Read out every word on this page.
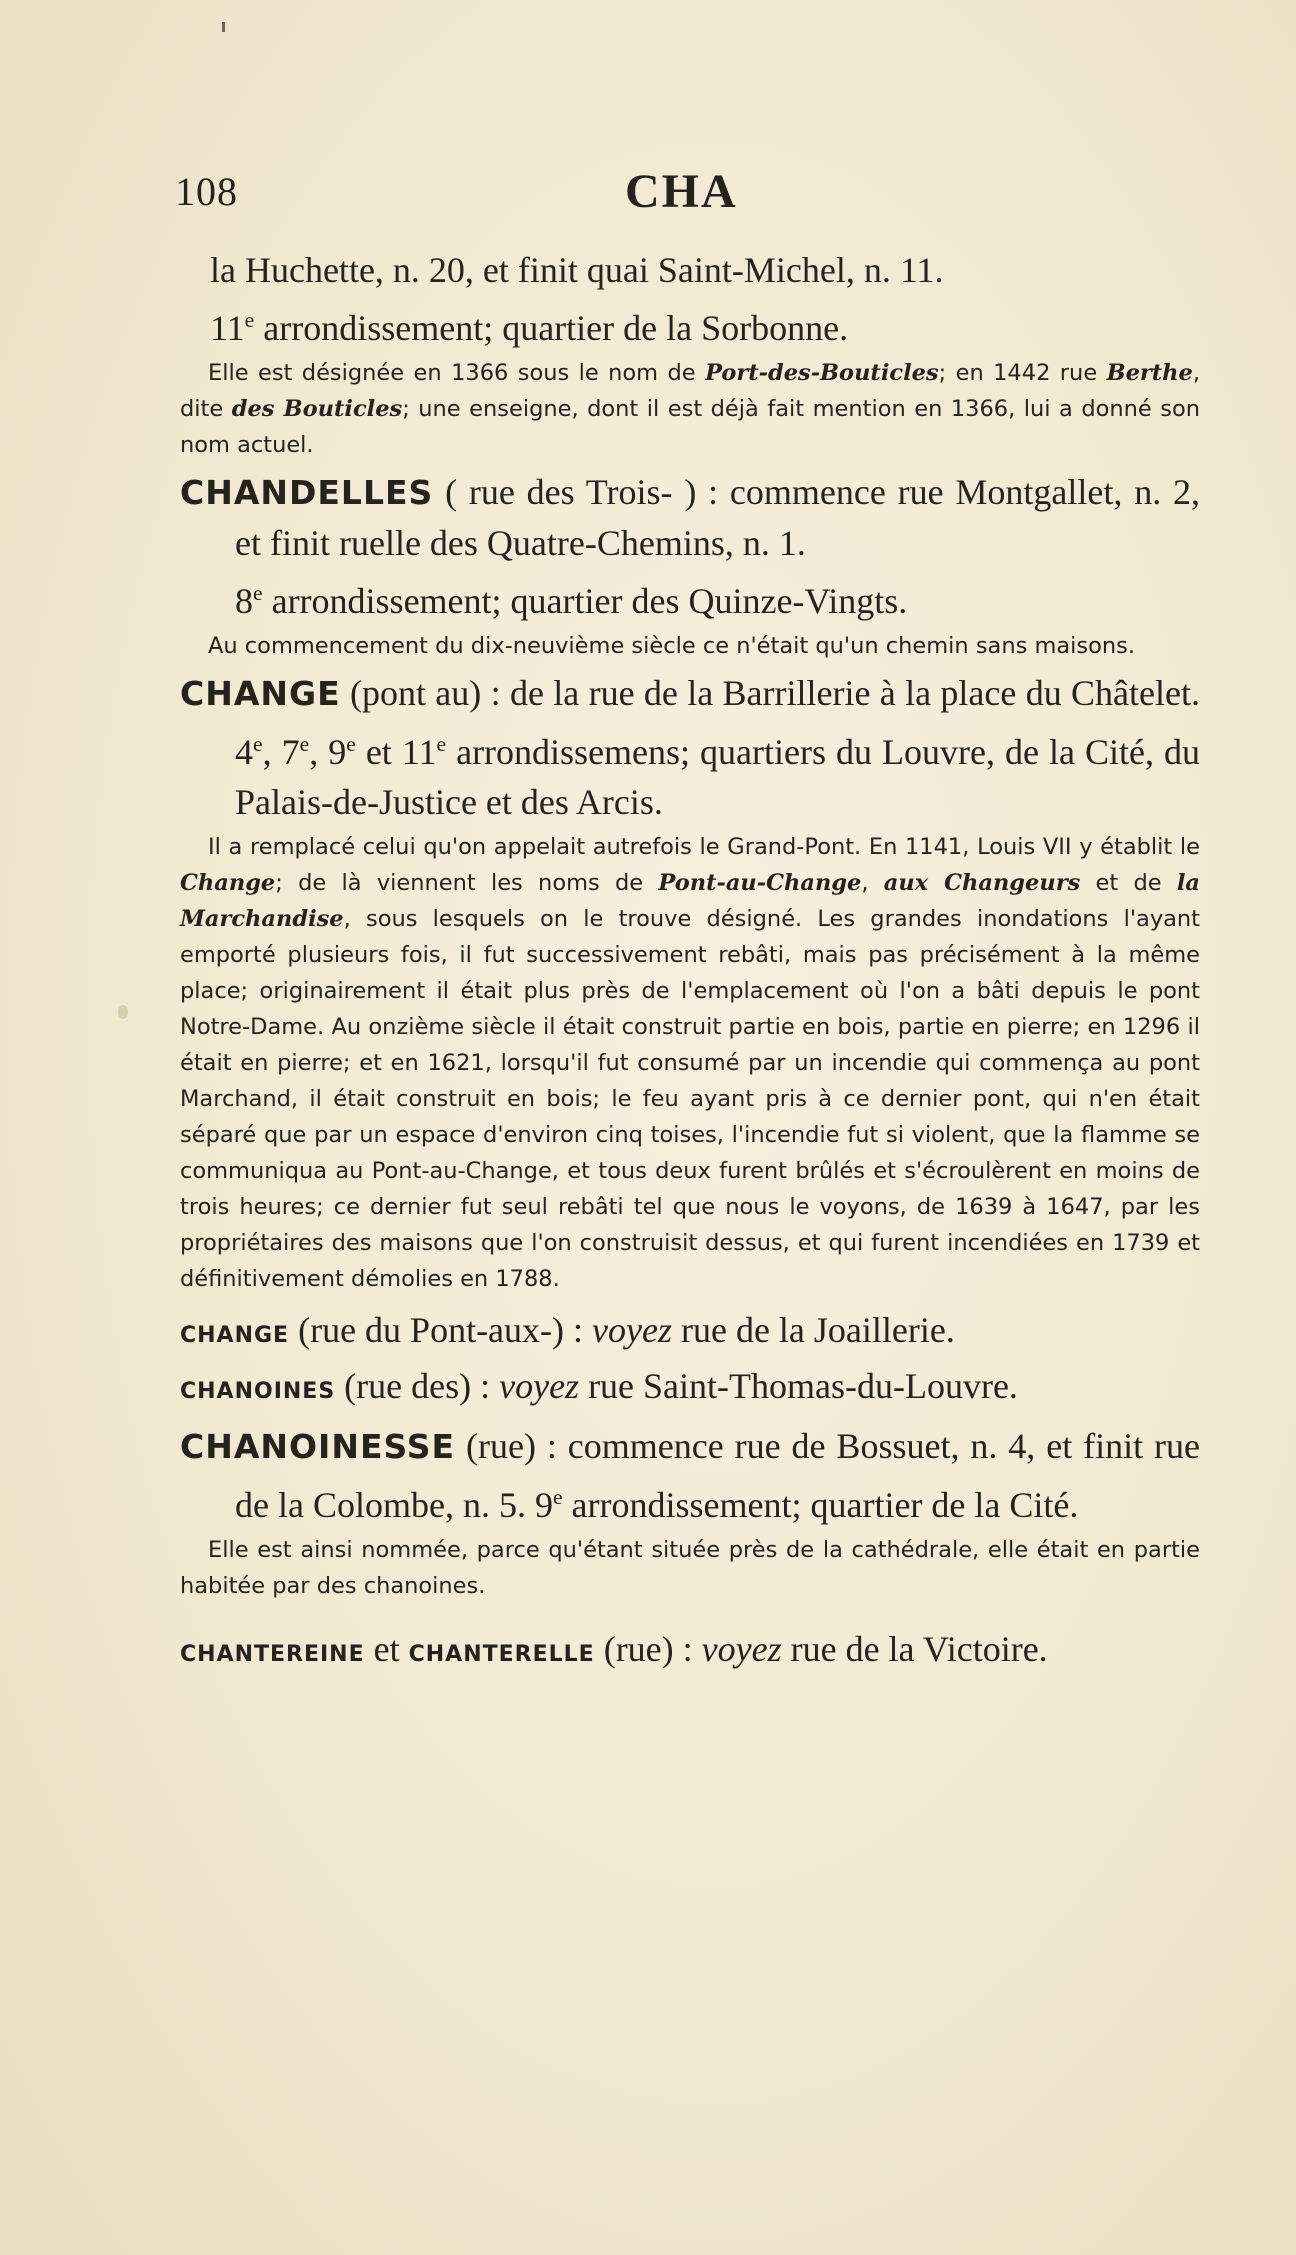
108	CHA

la Huchette, n. 20, et finit quai Saint-Michel, n. 11.
11e arrondissement; quartier de la Sorbonne.

Elle est désignée en 1366 sous le nom de Port-des-Bouticles; en 1442 rue Berthe, dite des Bouticles; une enseigne, dont il est déjà fait mention en 1366, lui a donné son nom actuel.

CHANDELLES ( rue des Trois- ) : commence rue Montgallet, n. 2, et finit ruelle des Quatre-Chemins, n. 1.
8e arrondissement; quartier des Quinze-Vingts.

Au commencement du dix-neuvième siècle ce n'était qu'un chemin sans maisons.

CHANGE (pont au) : de la rue de la Barrillerie à la place du Châtelet. 4e, 7e, 9e et 11e arrondissemens; quartiers du Louvre, de la Cité, du Palais-de-Justice et des Arcis.

Il a remplacé celui qu'on appelait autrefois le Grand-Pont. En 1141, Louis VII y établit le Change; de là viennent les noms de Pont-au-Change, aux Changeurs et de la Marchandise, sous lesquels on le trouve désigné. Les grandes inondations l'ayant emporté plusieurs fois, il fut successivement rebâti, mais pas précisément à la même place; originairement il était plus près de l'emplacement où l'on a bâti depuis le pont Notre-Dame. Au onzième siècle il était construit partie en bois, partie en pierre; en 1296 il était en pierre; et en 1621, lorsqu'il fut consumé par un incendie qui commença au pont Marchand, il était construit en bois; le feu ayant pris à ce dernier pont, qui n'en était séparé que par un espace d'environ cinq toises, l'incendie fut si violent, que la flamme se communiqua au Pont-au-Change, et tous deux furent brûlés et s'écroulèrent en moins de trois heures; ce dernier fut seul rebâti tel que nous le voyons, de 1639 à 1647, par les propriétaires des maisons que l'on construisit dessus, et qui furent incendiées en 1739 et définitivement démolies en 1788.

CHANGE (rue du Pont-aux-) : voyez rue de la Joaillerie.

CHANOINES (rue des) : voyez rue Saint-Thomas-du-Louvre.

CHANOINESSE (rue) : commence rue de Bossuet, n. 4, et finit rue de la Colombe, n. 5. 9e arrondissement; quartier de la Cité.

Elle est ainsi nommée, parce qu'étant située près de la cathédrale, elle était en partie habitée par des chanoines.

CHANTEREINE et CHANTERELLE (rue) : voyez rue de la Victoire.
